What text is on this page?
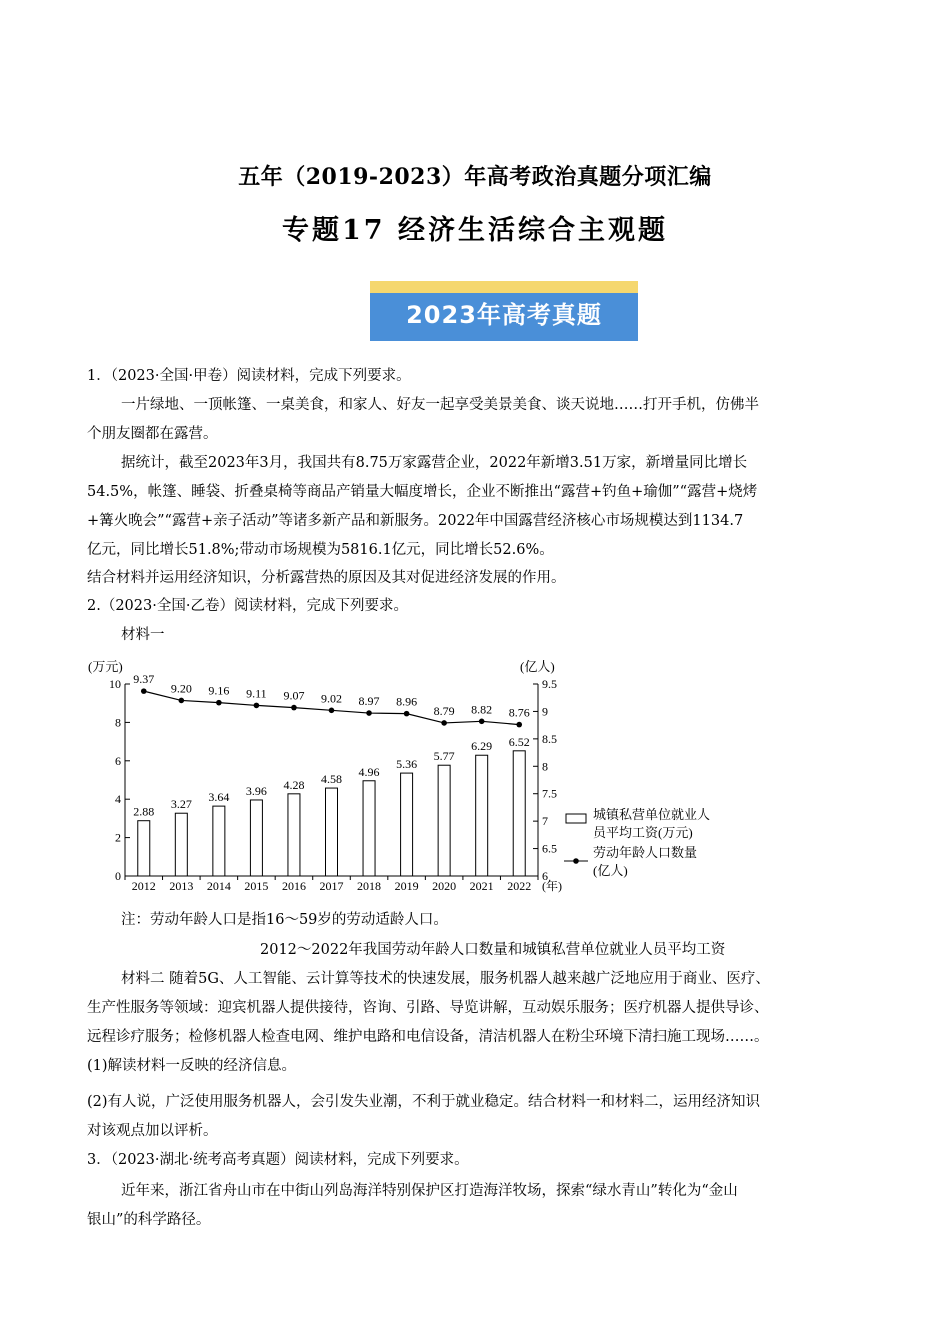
五年（2019-2023）年高考政治真题分项汇编
专题17 经济生活综合主观题
2023年高考真题
1．（2023·全国·甲卷）阅读材料，完成下列要求。
一片绿地、一顶帐篷、一桌美食，和家人、好友一起享受美景美食、谈天说地……打开手机，仿佛半
个朋友圈都在露营。
据统计，截至2023年3月，我国共有8.75万家露营企业，2022年新增3.51万家，新增量同比增长
54.5%，帐篷、睡袋、折叠桌椅等商品产销量大幅度增长，企业不断推出“露营+钓鱼+瑜伽”“露营+烧烤
+篝火晚会”“露营+亲子活动”等诸多新产品和新服务。2022年中国露营经济核心市场规模达到1134.7
亿元，同比增长51.8%;带动市场规模为5816.1亿元，同比增长52.6%。
结合材料并运用经济知识，分析露营热的原因及其对促进经济发展的作用。
2.（2023·全国·乙卷）阅读材料，完成下列要求。
材料一
(万元)	(亿人)
(年)
0
2
4
6
8
10
6
6.5
7
7.5
8
8.5
9
9.5
2012 2013 2014 2015 2016 2017 2018 2019 2020 2021 2022
2.88
3.27
3.64 3.96 4.28 4.58
4.96
5.36
5.77
6.29 6.52
9.37
9.20 9.16 9.11 9.07 9.02 8.97 8.96
8.79 8.82 8.76
城镇私营单位就业人
员平均工资(万元)
劳动年龄人口数量
(亿人)
注：劳动年龄人口是指16～59岁的劳动适龄人口。
2012～2022年我国劳动年龄人口数量和城镇私营单位就业人员平均工资
材料二 随着5G、人工智能、云计算等技术的快速发展，服务机器人越来越广泛地应用于商业、医疗、
生产性服务等领域：迎宾机器人提供接待，咨询、引路、导览讲解，互动娱乐服务；医疗机器人提供导诊、
远程诊疗服务；检修机器人检查电网、维护电路和电信设备，清洁机器人在粉尘环境下清扫施工现场……。
(1)解读材料一反映的经济信息。
(2)有人说，广泛使用服务机器人，会引发失业潮，不利于就业稳定。结合材料一和材料二，运用经济知识
对该观点加以评析。
3．（2023·湖北·统考高考真题）阅读材料，完成下列要求。
近年来，浙江省舟山市在中街山列岛海洋特别保护区打造海洋牧场，探索“绿水青山”转化为“金山
银山”的科学路径。
